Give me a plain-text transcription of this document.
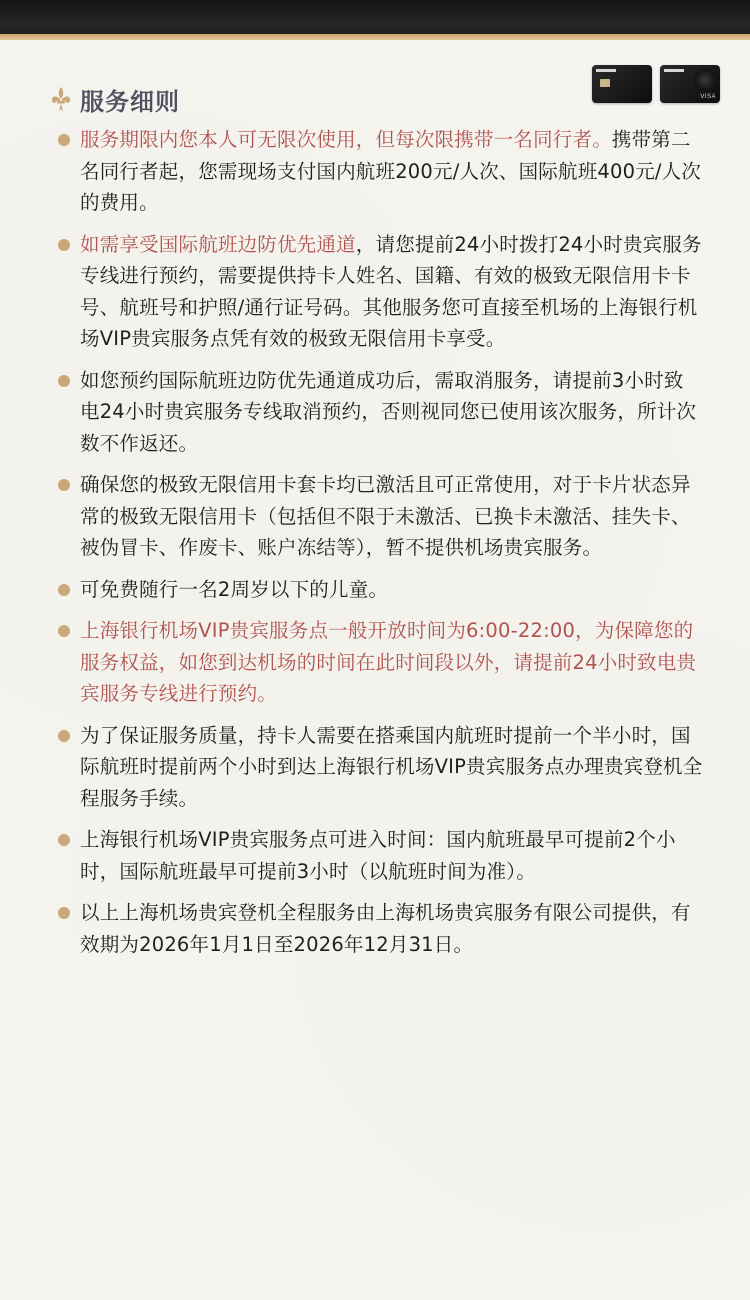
VISA
服务细则
服务期限内您本人可无限次使用，但每次限携带一名同行者。携带第二名同行者起，您需现场支付国内航班200元/人次、国际航班400元/人次的费用。
如需享受国际航班边防优先通道，请您提前24小时拨打24小时贵宾服务专线进行预约，需要提供持卡人姓名、国籍、有效的极致无限信用卡卡号、航班号和护照/通行证号码。其他服务您可直接至机场的上海银行机场VIP贵宾服务点凭有效的极致无限信用卡享受。
如您预约国际航班边防优先通道成功后，需取消服务，请提前3小时致电24小时贵宾服务专线取消预约，否则视同您已使用该次服务，所计次数不作返还。
确保您的极致无限信用卡套卡均已激活且可正常使用，对于卡片状态异常的极致无限信用卡（包括但不限于未激活、已换卡未激活、挂失卡、被伪冒卡、作废卡、账户冻结等），暂不提供机场贵宾服务。
可免费随行一名2周岁以下的儿童。
上海银行机场VIP贵宾服务点一般开放时间为6:00-22:00，为保障您的服务权益，如您到达机场的时间在此时间段以外，请提前24小时致电贵宾服务专线进行预约。
为了保证服务质量，持卡人需要在搭乘国内航班时提前一个半小时，国际航班时提前两个小时到达上海银行机场VIP贵宾服务点办理贵宾登机全程服务手续。
上海银行机场VIP贵宾服务点可进入时间：国内航班最早可提前2个小时，国际航班最早可提前3小时（以航班时间为准）。
以上上海机场贵宾登机全程服务由上海机场贵宾服务有限公司提供，有效期为2026年1月1日至2026年12月31日。
